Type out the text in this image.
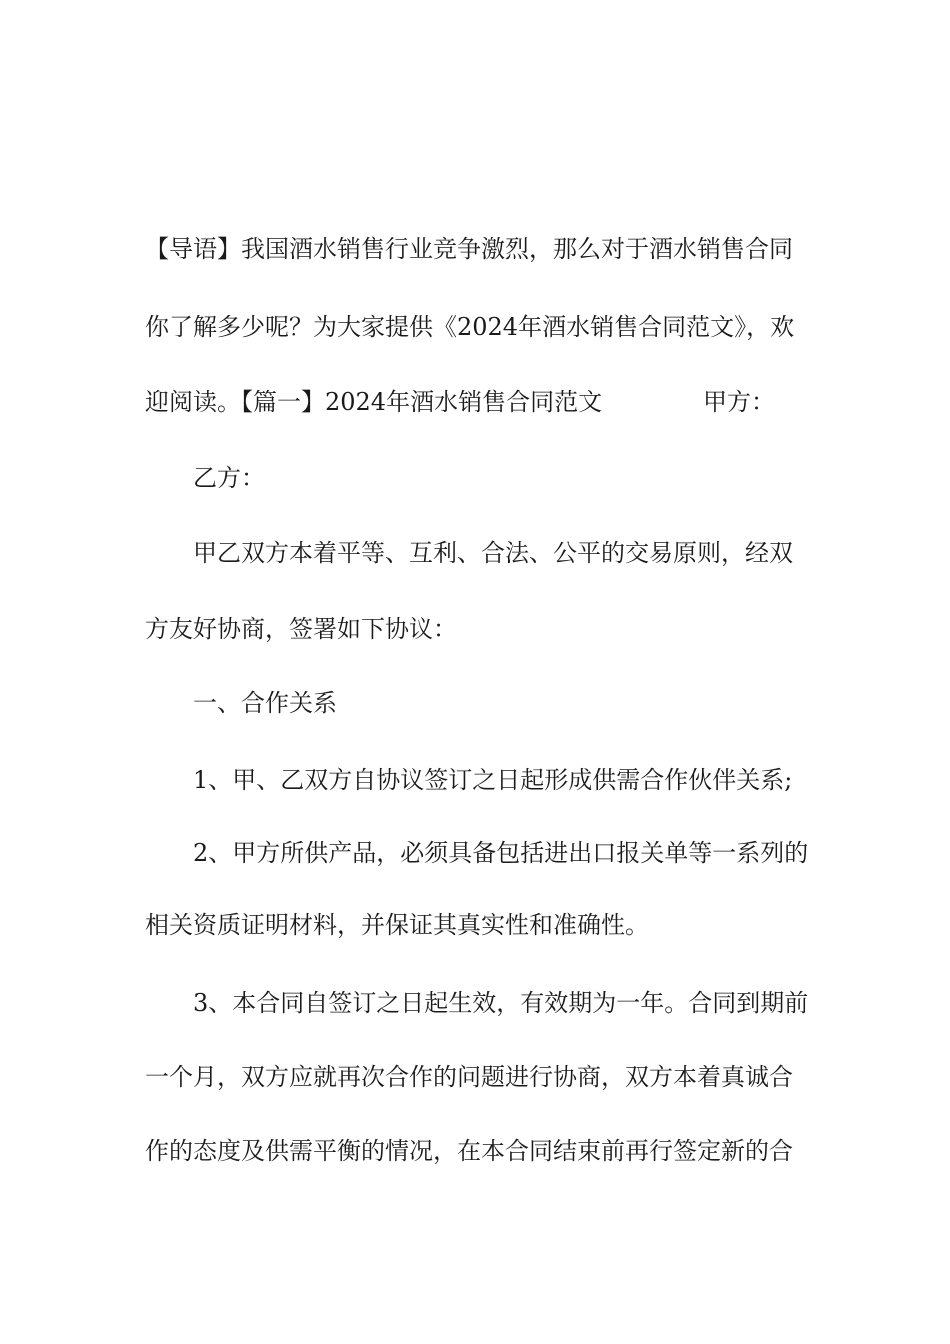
【导语】我国酒水销售行业竞争激烈，那么对于酒水销售合同
你了解多少呢？为大家提供《2024年酒水销售合同范文》，欢
迎阅读。【篇一】2024年酒水销售合同范文	甲方：
乙方：
甲乙双方本着平等、互利、合法、公平的交易原则，经双
方友好协商，签署如下协议：
一、合作关系
1、甲、乙双方自协议签订之日起形成供需合作伙伴关系;
2、甲方所供产品，必须具备包括进出口报关单等一系列的
相关资质证明材料，并保证其真实性和准确性。
3、本合同自签订之日起生效，有效期为一年。合同到期前
一个月，双方应就再次合作的问题进行协商，双方本着真诚合
作的态度及供需平衡的情况，在本合同结束前再行签定新的合
